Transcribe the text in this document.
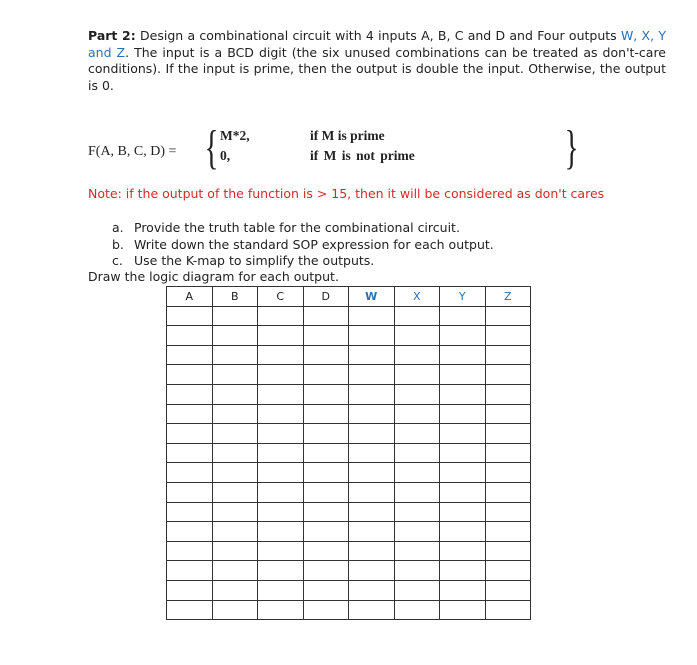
Part 2: Design a combinational circuit with 4 inputs A, B, C and D and Four outputs W, X, Y and Z. The input is a BCD digit (the six unused combinations can be treated as don't-care conditions). If the input is prime, then the output is double the input. Otherwise, the output is 0.
F(A, B, C, D) = { M*2,	if M is prime
0,	if M is not prime	}
Note: if the output of the function is > 15, then it will be considered as don't cares
a. Provide the truth table for the combinational circuit.
b. Write down the standard SOP expression for each output.
c. Use the K-map to simplify the outputs.
Draw the logic diagram for each output.
A	B	C	D	W	X	Y	Z
